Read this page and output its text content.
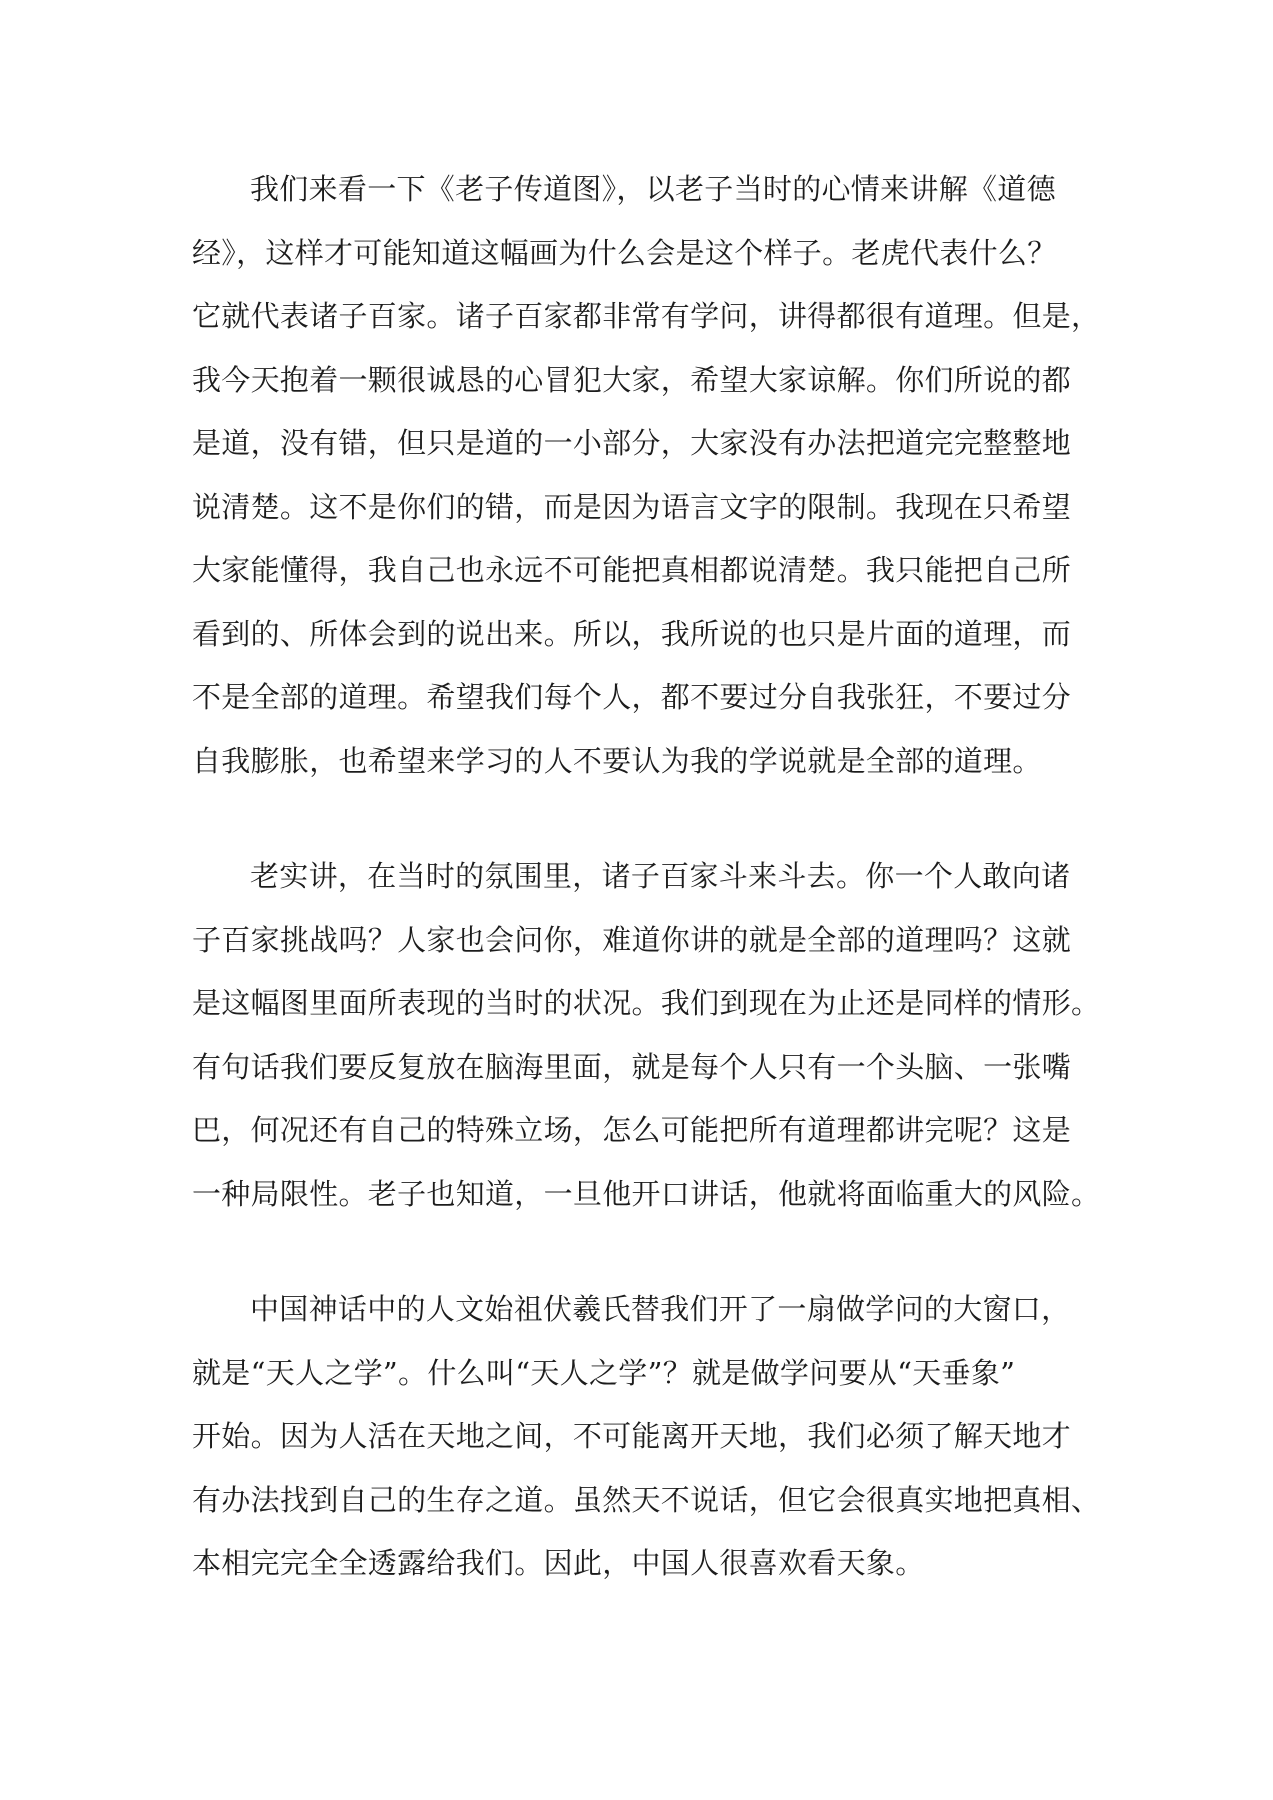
我们来看一下《老子传道图》，以老子当时的心情来讲解《道德
经》，这样才可能知道这幅画为什么会是这个样子。老虎代表什么？
它就代表诸子百家。诸子百家都非常有学问，讲得都很有道理。但是，
我今天抱着一颗很诚恳的心冒犯大家，希望大家谅解。你们所说的都
是道，没有错，但只是道的一小部分，大家没有办法把道完完整整地
说清楚。这不是你们的错，而是因为语言文字的限制。我现在只希望
大家能懂得，我自己也永远不可能把真相都说清楚。我只能把自己所
看到的、所体会到的说出来。所以，我所说的也只是片面的道理，而
不是全部的道理。希望我们每个人，都不要过分自我张狂，不要过分
自我膨胀，也希望来学习的人不要认为我的学说就是全部的道理。
老实讲，在当时的氛围里，诸子百家斗来斗去。你一个人敢向诸
子百家挑战吗？人家也会问你，难道你讲的就是全部的道理吗？这就
是这幅图里面所表现的当时的状况。我们到现在为止还是同样的情形。
有句话我们要反复放在脑海里面，就是每个人只有一个头脑、一张嘴
巴，何况还有自己的特殊立场，怎么可能把所有道理都讲完呢？这是
一种局限性。老子也知道，一旦他开口讲话，他就将面临重大的风险。
中国神话中的人文始祖伏羲氏替我们开了一扇做学问的大窗口，
就是“天人之学”。什么叫“天人之学”？就是做学问要从“天垂象”
开始。因为人活在天地之间，不可能离开天地，我们必须了解天地才
有办法找到自己的生存之道。虽然天不说话，但它会很真实地把真相、
本相完完全全透露给我们。因此，中国人很喜欢看天象。
